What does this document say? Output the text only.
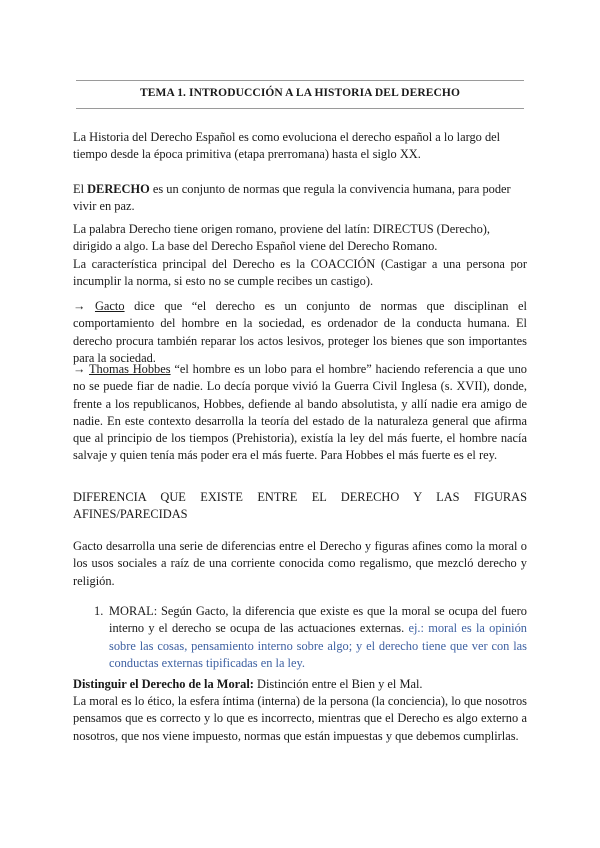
TEMA 1. INTRODUCCIÓN A LA HISTORIA DEL DERECHO

La Historia del Derecho Español es como evoluciona el derecho español a lo largo del tiempo desde la época primitiva (etapa prerromana) hasta el siglo XX.

El DERECHO es un conjunto de normas que regula la convivencia humana, para poder vivir en paz.

La palabra Derecho tiene origen romano, proviene del latín: DIRECTUS (Derecho), dirigido a algo. La base del Derecho Español viene del Derecho Romano.
La característica principal del Derecho es la COACCIÓN (Castigar a una persona por incumplir la norma, si esto no se cumple recibes un castigo).

→ Gacto dice que “el derecho es un conjunto de normas que disciplinan el comportamiento del hombre en la sociedad, es ordenador de la conducta humana. El derecho procura también reparar los actos lesivos, proteger los bienes que son importantes para la sociedad.

→ Thomas Hobbes “el hombre es un lobo para el hombre” haciendo referencia a que uno no se puede fiar de nadie. Lo decía porque vivió la Guerra Civil Inglesa (s. XVII), donde, frente a los republicanos, Hobbes, defiende al bando absolutista, y allí nadie era amigo de nadie. En este contexto desarrolla la teoría del estado de la naturaleza general que afirma que al principio de los tiempos (Prehistoria), existía la ley del más fuerte, el hombre nacía salvaje y quien tenía más poder era el más fuerte. Para Hobbes el más fuerte es el rey.

DIFERENCIA QUE EXISTE ENTRE EL DERECHO Y LAS FIGURAS AFINES/PARECIDAS

Gacto desarrolla una serie de diferencias entre el Derecho y figuras afines como la moral o los usos sociales a raíz de una corriente conocida como regalismo, que mezcló derecho y religión.

1. MORAL: Según Gacto, la diferencia que existe es que la moral se ocupa del fuero interno y el derecho se ocupa de las actuaciones externas. ej.: moral es la opinión sobre las cosas, pensamiento interno sobre algo; y el derecho tiene que ver con las conductas externas tipificadas en la ley.

Distinguir el Derecho de la Moral: Distinción entre el Bien y el Mal.

La moral es lo ético, la esfera íntima (interna) de la persona (la conciencia), lo que nosotros pensamos que es correcto y lo que es incorrecto, mientras que el Derecho es algo externo a nosotros, que nos viene impuesto, normas que están impuestas y que debemos cumplirlas.
